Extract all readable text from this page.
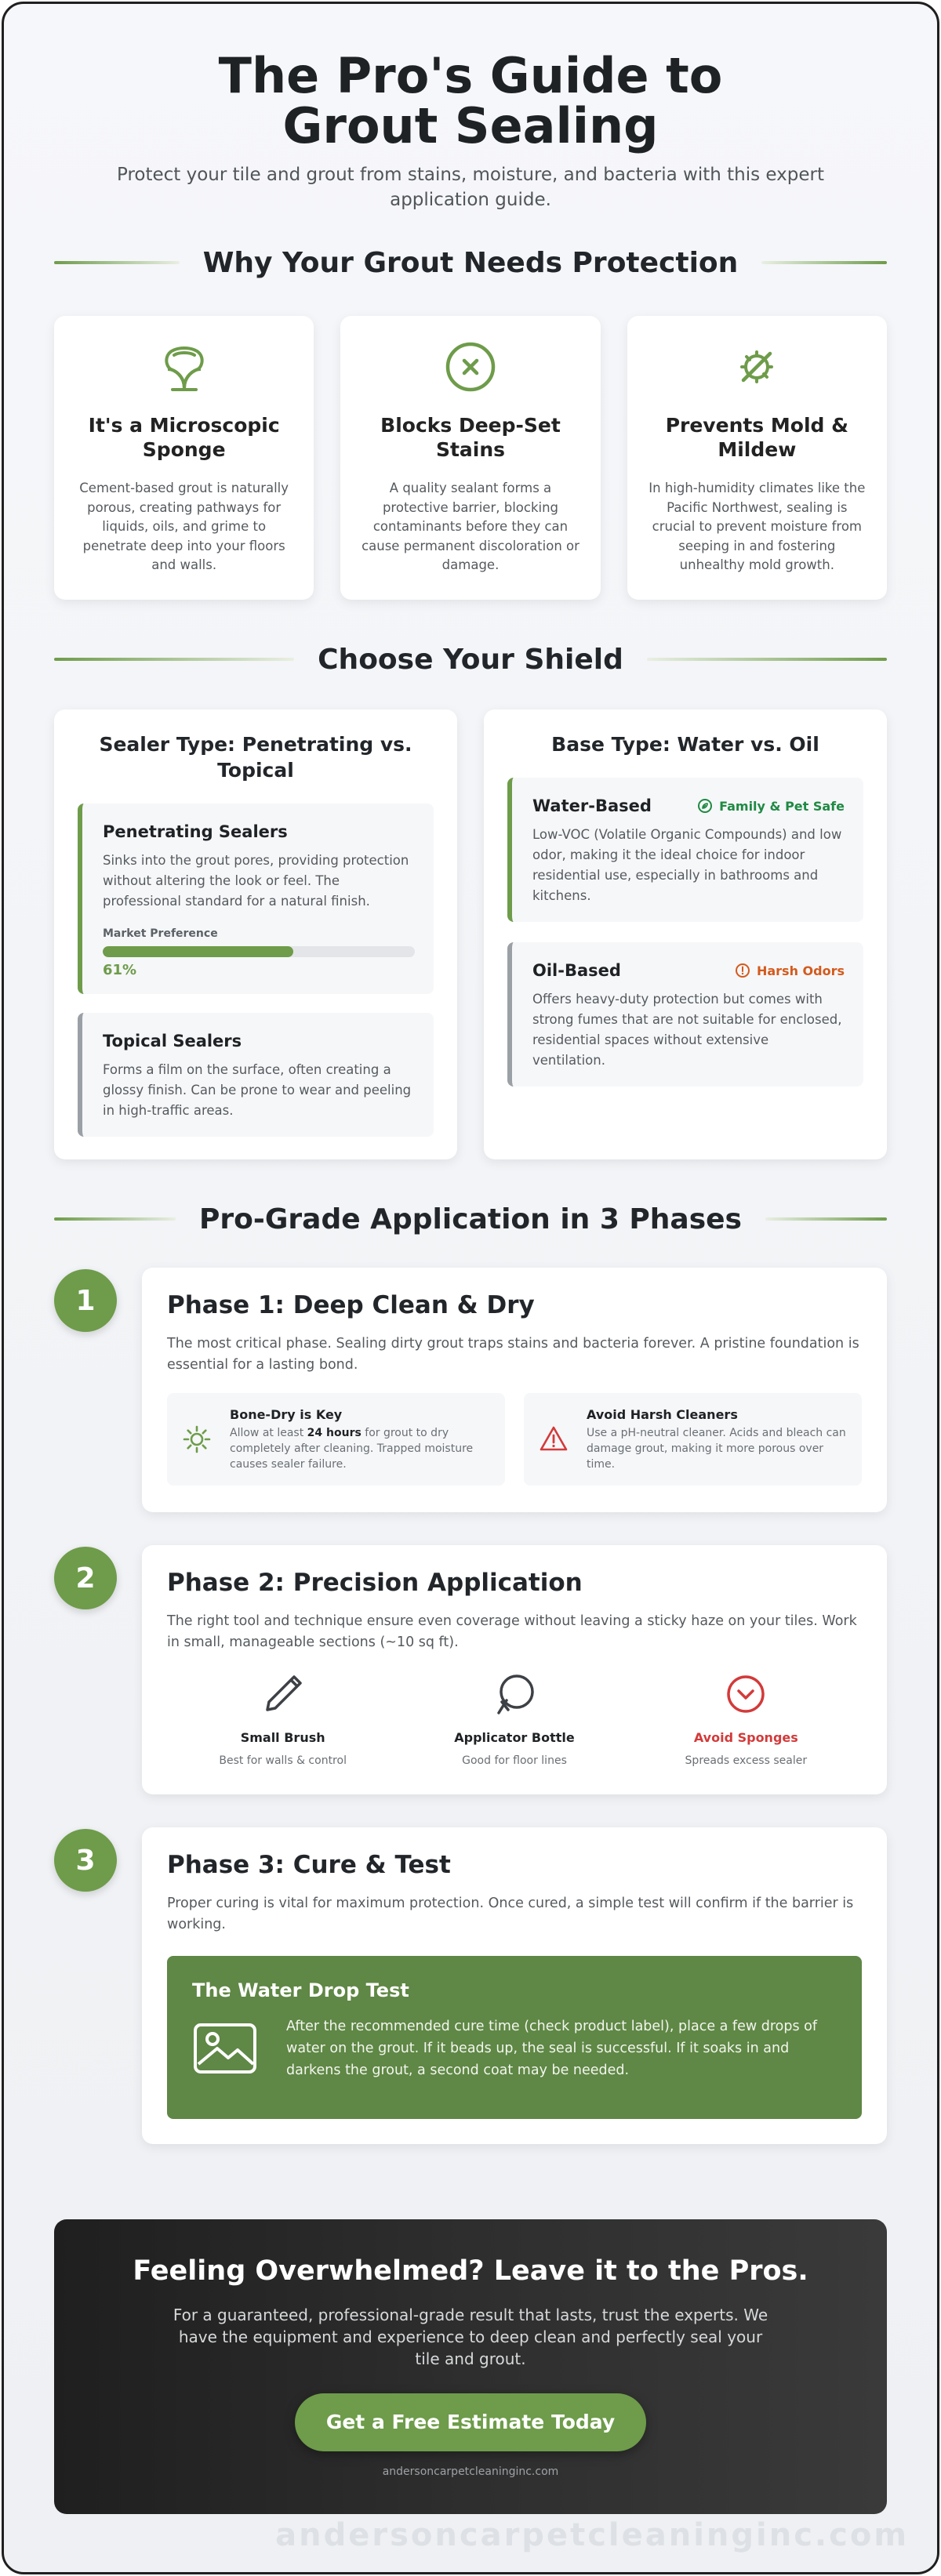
The Pro's Guide to Grout Sealing

Protect your tile and grout from stains, moisture, and bacteria with this expert application guide.

Why Your Grout Needs Protection
It's a Microscopic Sponge

Cement-based grout is naturally porous, creating pathways for liquids, oils, and grime to penetrate deep into your floors and walls.

Blocks Deep-Set Stains

A quality sealant forms a protective barrier, blocking contaminants before they can cause permanent discoloration or damage.

Prevents Mold & Mildew

In high-humidity climates like the Pacific Northwest, sealing is crucial to prevent moisture from seeping in and fostering unhealthy mold growth.

Choose Your Shield
Sealer Type: Penetrating vs. Topical
Penetrating Sealers

Sinks into the grout pores, providing protection without altering the look or feel. The professional standard for a natural finish.

Market Preference
61%
Topical Sealers

Forms a film on the surface, often creating a glossy finish. Can be prone to wear and peeling in high-traffic areas.

Base Type: Water vs. Oil
Water-Based	Family & Pet Safe

Low-VOC (Volatile Organic Compounds) and low odor, making it the ideal choice for indoor residential use, especially in bathrooms and kitchens.

Oil-Based	Harsh Odors

Offers heavy-duty protection but comes with strong fumes that are not suitable for enclosed, residential spaces without extensive ventilation.

Pro-Grade Application in 3 Phases
1	Phase 1: Deep Clean & Dry

The most critical phase. Sealing dirty grout traps stains and bacteria forever. A pristine foundation is essential for a lasting bond.

Bone-Dry is Key

Allow at least 24 hours for grout to dry completely after cleaning. Trapped moisture causes sealer failure.

Avoid Harsh Cleaners

Use a pH-neutral cleaner. Acids and bleach can damage grout, making it more porous over time.

2	Phase 2: Precision Application

The right tool and technique ensure even coverage without leaving a sticky haze on your tiles. Work in small, manageable sections (~10 sq ft).

Small Brush

Best for walls & control

Applicator Bottle

Good for floor lines

Avoid Sponges

Spreads excess sealer

3	Phase 3: Cure & Test

Proper curing is vital for maximum protection. Once cured, a simple test will confirm if the barrier is working.

The Water Drop Test

After the recommended cure time (check product label), place a few drops of water on the grout. If it beads up, the seal is successful. If it soaks in and darkens the grout, a second coat may be needed.

Feeling Overwhelmed? Leave it to the Pros.

For a guaranteed, professional-grade result that lasts, trust the experts. We have the equipment and experience to deep clean and perfectly seal your tile and grout.

Get a Free Estimate Today
andersoncarpetcleaninginc.com
andersoncarpetcleaninginc.com
